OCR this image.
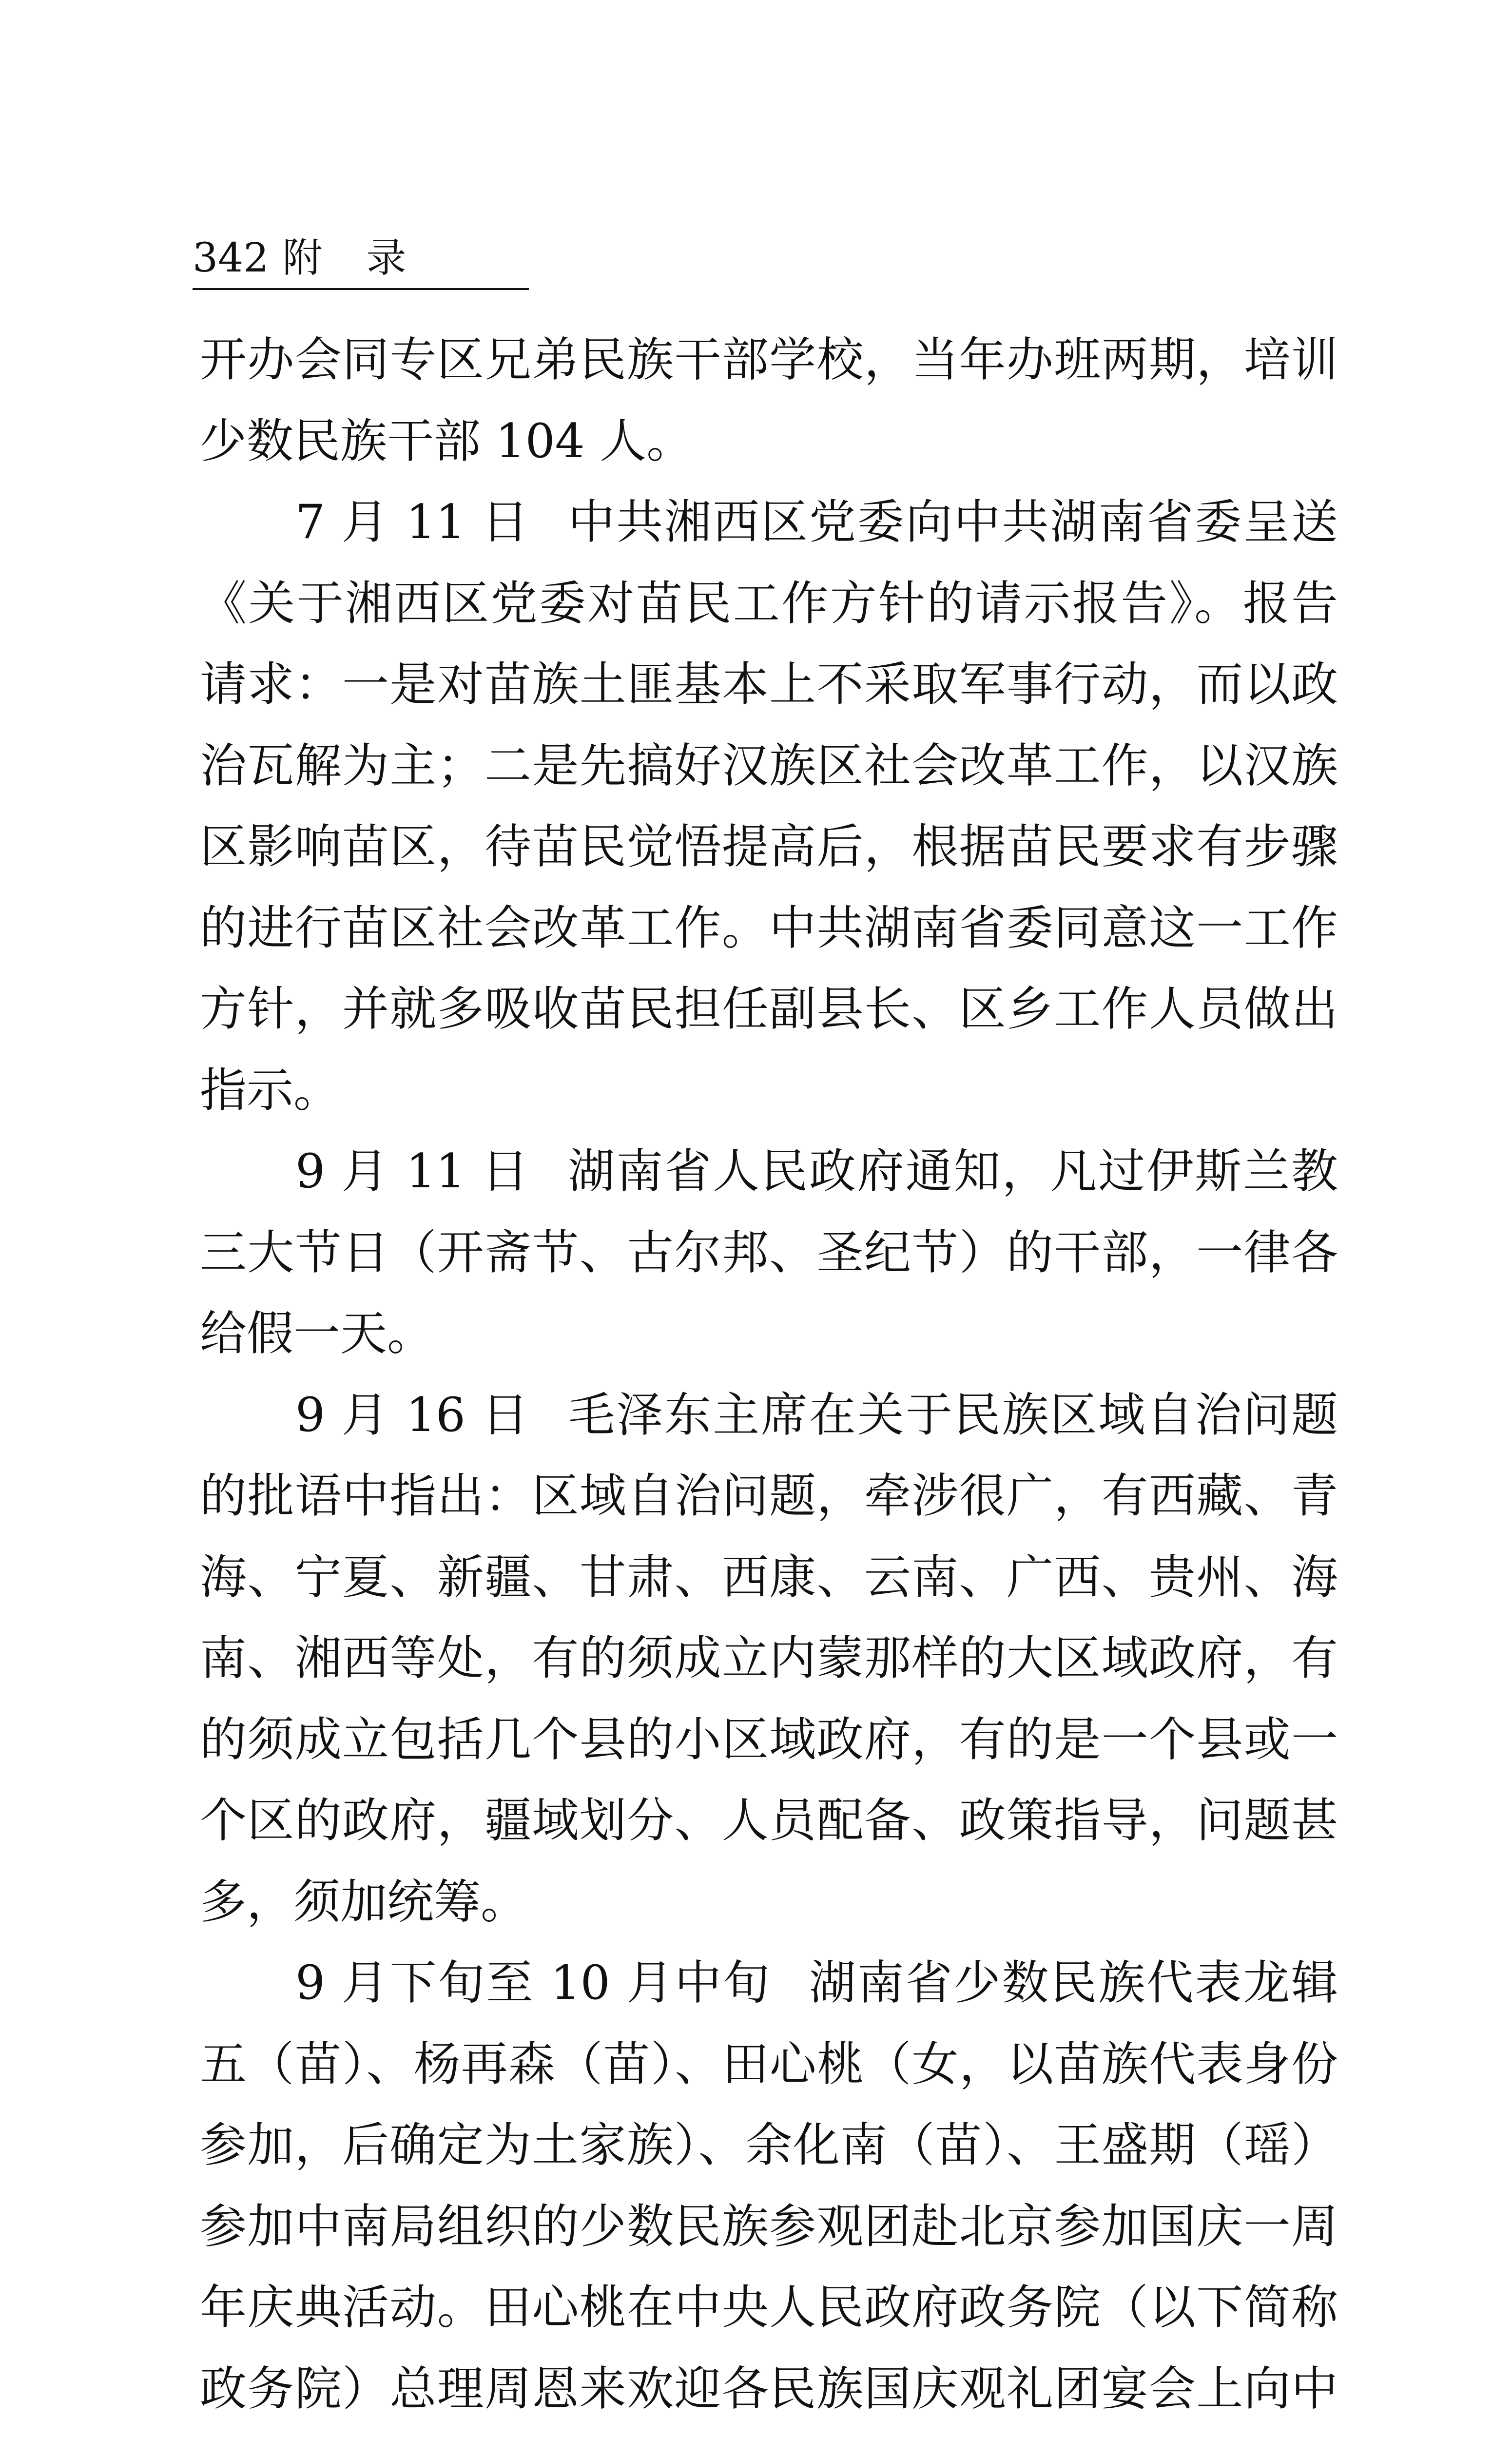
342 附录

开办会同专区兄弟民族干部学校，当年办班两期，培训少数民族干部 104 人。

7 月 11 日 中共湘西区党委向中共湖南省委呈送《关于湘西区党委对苗民工作方针的请示报告》。报告请求：一是对苗族土匪基本上不采取军事行动，而以政治瓦解为主；二是先搞好汉族区社会改革工作，以汉族区影响苗区，待苗民觉悟提高后，根据苗民要求有步骤的进行苗区社会改革工作。中共湖南省委同意这一工作方针，并就多吸收苗民担任副县长、区乡工作人员做出指示。

9 月 11 日 湖南省人民政府通知，凡过伊斯兰教三大节日（开斋节、古尔邦、圣纪节）的干部，一律各给假一天。

9 月 16 日 毛泽东主席在关于民族区域自治问题的批语中指出：区域自治问题，牵涉很广，有西藏、青海、宁夏、新疆、甘肃、西康、云南、广西、贵州、海南、湘西等处，有的须成立内蒙那样的大区域政府，有的须成立包括几个县的小区域政府，有的是一个县或一个区的政府，疆域划分、人员配备、政策指导，问题甚多，须加统筹。

9 月下旬至 10 月中旬 湖南省少数民族代表龙辑五（苗）、杨再森（苗）、田心桃（女，以苗族代表身份参加，后确定为土家族）、余化南（苗）、王盛期（瑶）参加中南局组织的少数民族参观团赴北京参加国庆一周年庆典活动。田心桃在中央人民政府政务院（以下简称政务院）总理周恩来欢迎各民族国庆观礼团宴会上向中
